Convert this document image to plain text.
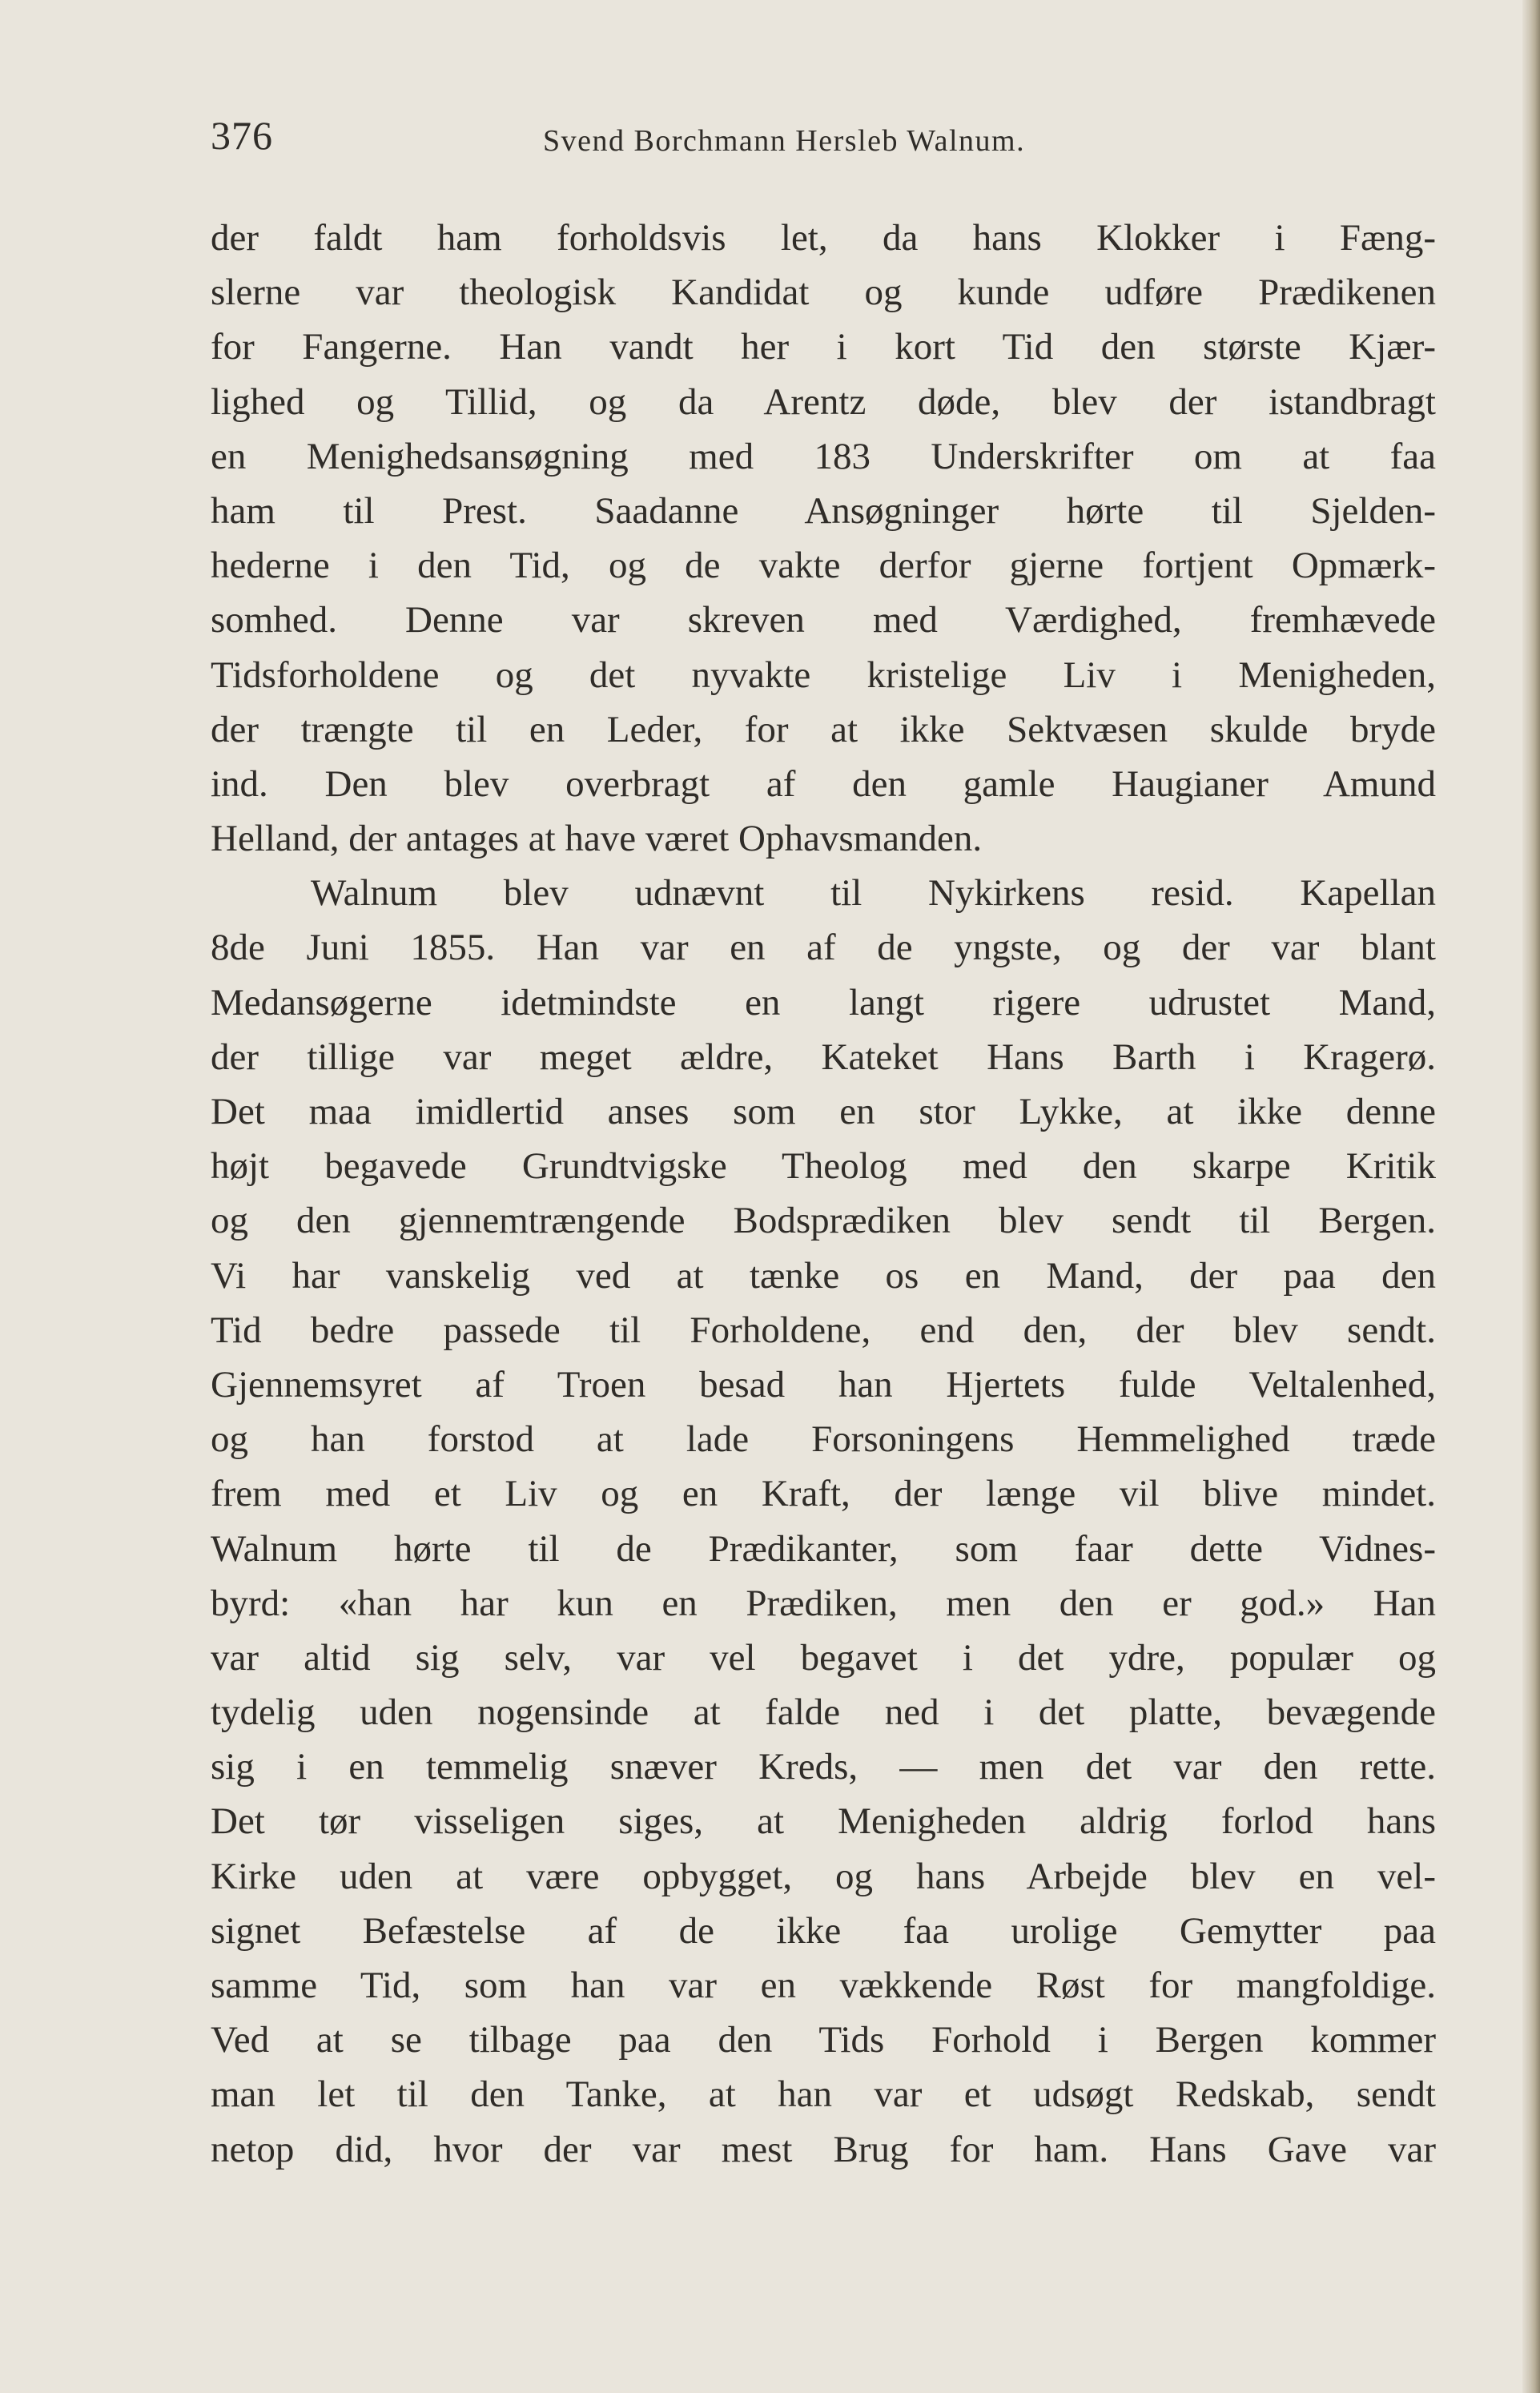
376	Svend Borchmann Hersleb Walnum.
der faldt ham forholdsvis let, da hans Klokker i Fæng-
slerne var theologisk Kandidat og kunde udføre Prædikenen
for Fangerne. Han vandt her i kort Tid den største Kjær-
lighed og Tillid, og da Arentz døde, blev der istandbragt
en Menighedsansøgning med 183 Underskrifter om at faa
ham til Prest. Saadanne Ansøgninger hørte til Sjelden-
hederne i den Tid, og de vakte derfor gjerne fortjent Opmærk-
somhed. Denne var skreven med Værdighed, fremhævede
Tidsforholdene og det nyvakte kristelige Liv i Menigheden,
der trængte til en Leder, for at ikke Sektvæsen skulde bryde
ind. Den blev overbragt af den gamle Haugianer Amund
Helland, der antages at have været Ophavsmanden.
Walnum blev udnævnt til Nykirkens resid. Kapellan
8de Juni 1855. Han var en af de yngste, og der var blant
Medansøgerne idetmindste en langt rigere udrustet Mand,
der tillige var meget ældre, Kateket Hans Barth i Kragerø.
Det maa imidlertid anses som en stor Lykke, at ikke denne
højt begavede Grundtvigske Theolog med den skarpe Kritik
og den gjennemtrængende Bodsprædiken blev sendt til Bergen.
Vi har vanskelig ved at tænke os en Mand, der paa den
Tid bedre passede til Forholdene, end den, der blev sendt.
Gjennemsyret af Troen besad han Hjertets fulde Veltalenhed,
og han forstod at lade Forsoningens Hemmelighed træde
frem med et Liv og en Kraft, der længe vil blive mindet.
Walnum hørte til de Prædikanter, som faar dette Vidnes-
byrd: «han har kun en Prædiken, men den er god.» Han
var altid sig selv, var vel begavet i det ydre, populær og
tydelig uden nogensinde at falde ned i det platte, bevægende
sig i en temmelig snæver Kreds, — men det var den rette.
Det tør visseligen siges, at Menigheden aldrig forlod hans
Kirke uden at være opbygget, og hans Arbejde blev en vel-
signet Befæstelse af de ikke faa urolige Gemytter paa
samme Tid, som han var en vækkende Røst for mangfoldige.
Ved at se tilbage paa den Tids Forhold i Bergen kommer
man let til den Tanke, at han var et udsøgt Redskab, sendt
netop did, hvor der var mest Brug for ham. Hans Gave var
